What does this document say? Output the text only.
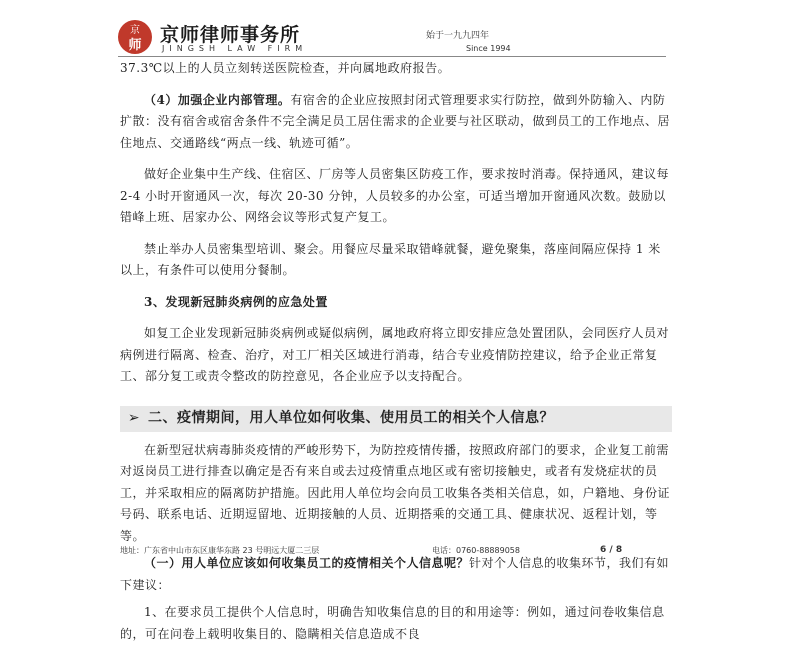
京
师 京师律师事务所
JINGSH LAW FIRM
始于一九九四年
Since 1994

37.3℃以上的人员立刻转送医院检查，并向属地政府报告。

（4）加强企业内部管理。有宿舍的企业应按照封闭式管理要求实行防控，做到外防输入、内防扩散：没有宿舍或宿舍条件不完全满足员工居住需求的企业要与社区联动，做到员工的工作地点、居住地点、交通路线“两点一线、轨迹可循”。

做好企业集中生产线、住宿区、厂房等人员密集区防疫工作，要求按时消毒。保持通风，建议每 2-4 小时开窗通风一次，每次 20-30 分钟，人员较多的办公室，可适当增加开窗通风次数。鼓励以错峰上班、居家办公、网络会议等形式复产复工。

禁止举办人员密集型培训、聚会。用餐应尽量采取错峰就餐，避免聚集，落座间隔应保持 1 米以上，有条件可以使用分餐制。

3、发现新冠肺炎病例的应急处置

如复工企业发现新冠肺炎病例或疑似病例，属地政府将立即安排应急处置团队，会同医疗人员对病例进行隔离、检查、治疗，对工厂相关区域进行消毒，结合专业疫情防控建议，给予企业正常复工、部分复工或责令整改的防控意见，各企业应予以支持配合。

➢ 二、疫情期间，用人单位如何收集、使用员工的相关个人信息？

在新型冠状病毒肺炎疫情的严峻形势下，为防控疫情传播，按照政府部门的要求，企业复工前需对返岗员工进行排查以确定是否有来自或去过疫情重点地区或有密切接触史，或者有发烧症状的员工，并采取相应的隔离防护措施。因此用人单位均会向员工收集各类相关信息，如，户籍地、身份证号码、联系电话、近期逗留地、近期接触的人员、近期搭乘的交通工具、健康状况、返程计划，等等。

（一）用人单位应该如何收集员工的疫情相关个人信息呢？针对个人信息的收集环节，我们有如下建议：

1、在要求员工提供个人信息时，明确告知收集信息的目的和用途等：例如，通过问卷收集信息的，可在问卷上载明收集目的、隐瞒相关信息造成不良

地址：广东省中山市东区康华东路 23 号明远大厦二三层	电话：0760-88889058	6 / 8
